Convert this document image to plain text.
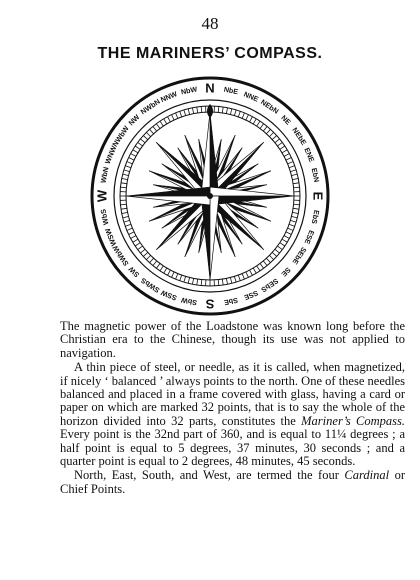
48
THE MARINERS’ COMPASS.
N NbE NNE
NEbN
NE
NEbE
ENE
EbN
E
EbS
ESE
SEbE
SE
SEbS
SSE
SbE
S
SbW
SSW
SWbS
SW
SWbW
WSW
WbS
W
WbN
WNW
NWbW
NW
NWbN
NNW NbW

The magnetic power of the Loadstone was known long before the Christian era to the Chinese, though its use was not applied to navigation.

A thin piece of steel, or needle, as it is called, when magnetized, if nicely ‘ balanced ’ always points to the north. One of these needles balanced and placed in a frame covered with glass, having a card or paper on which are marked 32 points, that is to say the whole of the horizon divided into 32 parts, constitutes the Mariner’s Compass. Every point is the 32nd part of 360, and is equal to 11¼ degrees ; a half point is equal to 5 degrees, 37 minutes, 30 seconds ; and a quarter point is equal to 2 degrees, 48 minutes, 45 seconds.

North, East, South, and West, are termed the four Cardinal or Chief Points.
